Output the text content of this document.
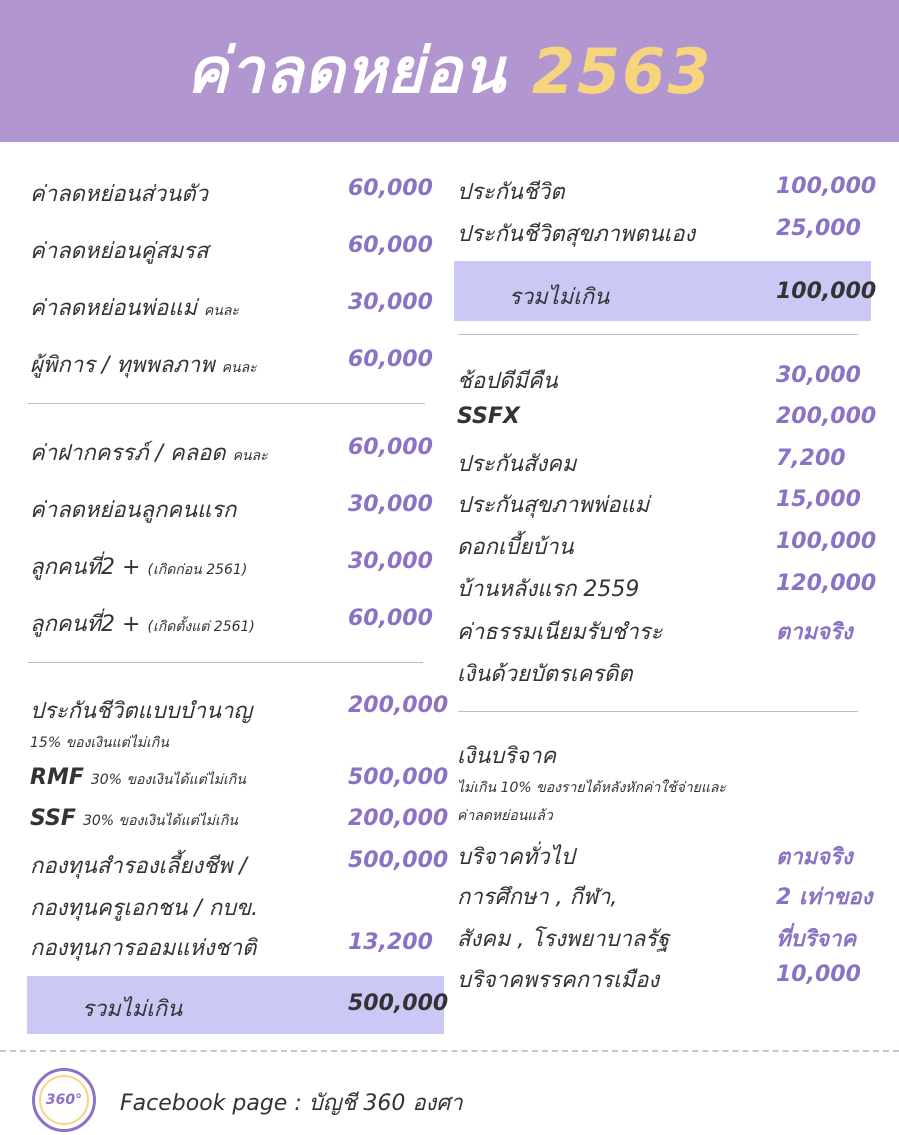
ค่าลดหย่อน 2563
ค่าลดหย่อนส่วนตัว	60,000
ค่าลดหย่อนคู่สมรส	60,000
ค่าลดหย่อนพ่อแม่ คนละ	30,000
ผู้พิการ / ทุพพลภาพ คนละ	60,000
ค่าฝากครรภ์ / คลอด คนละ	60,000
ค่าลดหย่อนลูกคนแรก	30,000
ลูกคนที่2 + (เกิดก่อน 2561)	30,000
ลูกคนที่2 + (เกิดตั้งแต่ 2561)	60,000
ประกันชีวิตแบบบำนาญ	200,000
15% ของเงินแต่ไม่เกิน
RMF 30% ของเงินได้แต่ไม่เกิน	500,000
SSF 30% ของเงินได้แต่ไม่เกิน	200,000
กองทุนสำรองเลี้ยงชีพ /	500,000
กองทุนครูเอกชน / กบข.
กองทุนการออมแห่งชาติ	13,200
รวมไม่เกิน	500,000
ประกันชีวิต	100,000
ประกันชีวิตสุขภาพตนเอง	25,000
รวมไม่เกิน	100,000
ช้อปดีมีคืน	30,000
SSFX	200,000
ประกันสังคม	7,200
ประกันสุขภาพพ่อแม่	15,000
ดอกเบี้ยบ้าน	100,000
บ้านหลังแรก 2559	120,000
ค่าธรรมเนียมรับชำระ	ตามจริง
เงินด้วยบัตรเครดิต
เงินบริจาค
ไม่เกิน 10% ของรายได้หลังหักค่าใช้จ่ายและ
ค่าลดหย่อนแล้ว
บริจาคทั่วไป	ตามจริง
การศึกษา , กีฬา,	2 เท่าของ
สังคม , โรงพยาบาลรัฐ	ที่บริจาค
บริจาคพรรคการเมือง	10,000
360°	Facebook page : บัญชี 360 องศา
